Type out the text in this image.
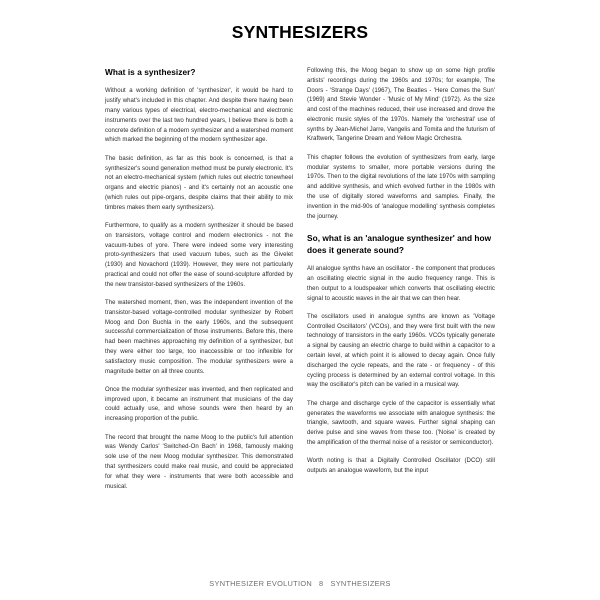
SYNTHESIZERS
What is a synthesizer?

Without a working definition of 'synthesizer', it would be hard to justify what's included in this chapter. And despite there having been many various types of electrical, electro-mechanical and electronic instruments over the last two hundred years, I believe there is both a concrete definition of a modern synthesizer and a watershed moment which marked the beginning of the modern synthesizer age.

The basic definition, as far as this book is concerned, is that a synthesizer's sound generation method must be purely electronic. It's not an electro-mechanical system (which rules out electric tonewheel organs and electric pianos) - and it's certainly not an acoustic one (which rules out pipe-organs, despite claims that their ability to mix timbres makes them early synthesizers).

Furthermore, to qualify as a modern synthesizer it should be based on transistors, voltage control and modern electronics - not the vacuum-tubes of yore. There were indeed some very interesting proto-synthesizers that used vacuum tubes, such as the Givelet (1930) and Novachord (1939). However, they were not particularly practical and could not offer the ease of sound-sculpture afforded by the new transistor-based synthesizers of the 1960s.

The watershed moment, then, was the independent invention of the transistor-based voltage-controlled modular synthesizer by Robert Moog and Don Buchla in the early 1960s, and the subsequent successful commercialization of those instruments. Before this, there had been machines approaching my definition of a synthesizer, but they were either too large, too inaccessible or too inflexible for satisfactory music composition. The modular synthesizers were a magnitude better on all three counts.

Once the modular synthesizer was invented, and then replicated and improved upon, it became an instrument that musicians of the day could actually use, and whose sounds were then heard by an increasing proportion of the public.

The record that brought the name Moog to the public's full attention was Wendy Carlos' 'Switched-On Bach' in 1968, famously making sole use of the new Moog modular synthesizer. This demonstrated that synthesizers could make real music, and could be appreciated for what they were - instruments that were both accessible and musical.

Following this, the Moog began to show up on some high profile artists' recordings during the 1960s and 1970s; for example, The Doors - 'Strange Days' (1967), The Beatles - 'Here Comes the Sun' (1969) and Stevie Wonder - 'Music of My Mind' (1972). As the size and cost of the machines reduced, their use increased and drove the electronic music styles of the 1970s. Namely the 'orchestral' use of synths by Jean-Michel Jarre, Vangelis and Tomita and the futurism of Kraftwerk, Tangerine Dream and Yellow Magic Orchestra.

This chapter follows the evolution of synthesizers from early, large modular systems to smaller, more portable versions during the 1970s. Then to the digital revolutions of the late 1970s with sampling and additive synthesis, and which evolved further in the 1980s with the use of digitally stored waveforms and samples. Finally, the invention in the mid-90s of 'analogue modelling' synthesis completes the journey.

So, what is an 'analogue synthesizer' and how does it generate sound?

All analogue synths have an oscillator - the component that produces an oscillating electric signal in the audio frequency range. This is then output to a loudspeaker which converts that oscillating electric signal to acoustic waves in the air that we can then hear.

The oscillators used in analogue synths are known as 'Voltage Controlled Oscillators' (VCOs), and they were first built with the new technology of transistors in the early 1960s. VCOs typically generate a signal by causing an electric charge to build within a capacitor to a certain level, at which point it is allowed to decay again. Once fully discharged the cycle repeats, and the rate - or frequency - of this cycling process is determined by an external control voltage. In this way the oscillator's pitch can be varied in a musical way.

The charge and discharge cycle of the capacitor is essentially what generates the waveforms we associate with analogue synthesis: the triangle, sawtooth, and square waves. Further signal shaping can derive pulse and sine waves from these too. ('Noise' is created by the amplification of the thermal noise of a resistor or semiconductor).

Worth noting is that a Digitally Controlled Oscillator (DCO) still outputs an analogue waveform, but the input

SYNTHESIZER EVOLUTION 8 SYNTHESIZERS
